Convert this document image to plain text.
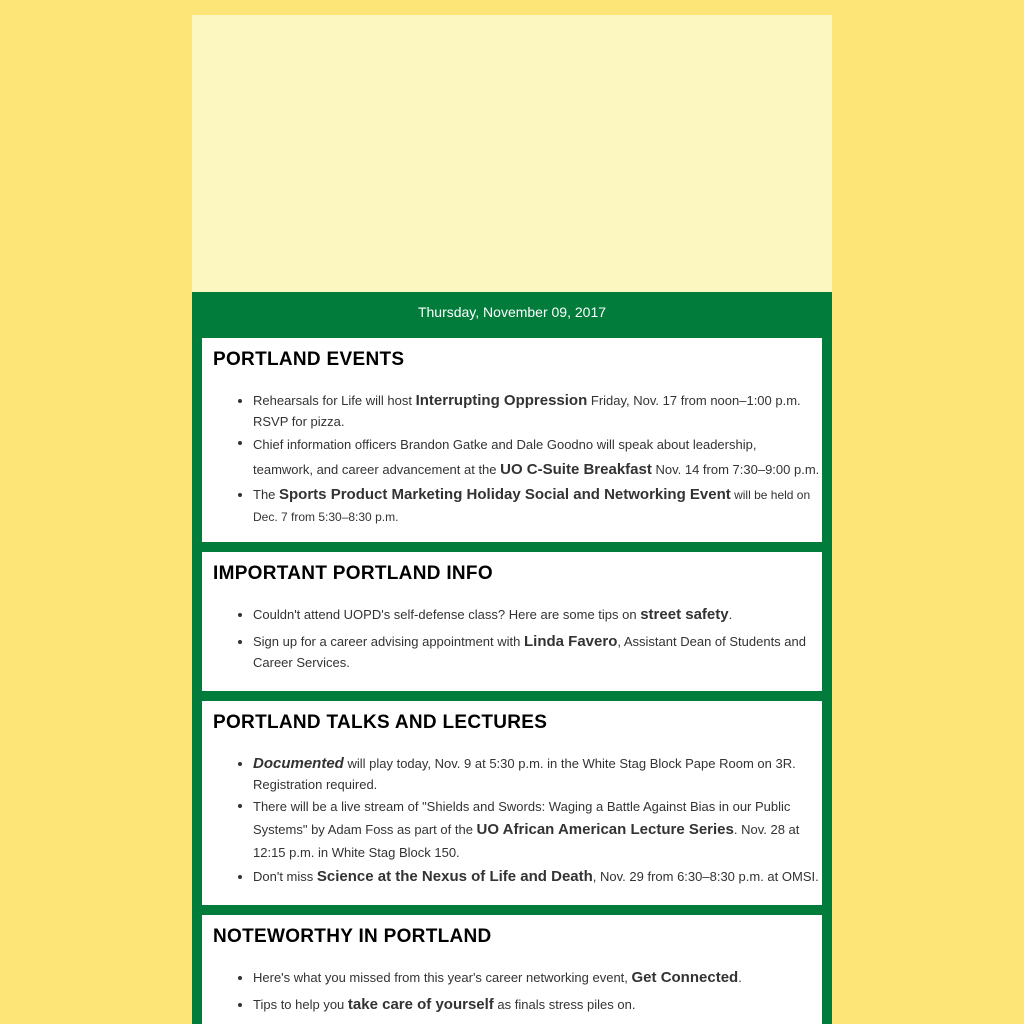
Thursday, November 09, 2017
PORTLAND EVENTS
Rehearsals for Life will host Interrupting Oppression Friday, Nov. 17 from noon–1:00 p.m. RSVP for pizza.
Chief information officers Brandon Gatke and Dale Goodno will speak about leadership, teamwork, and career advancement at the UO C-Suite Breakfast Nov. 14 from 7:30–9:00 p.m.
The Sports Product Marketing Holiday Social and Networking Event will be held on Dec. 7 from 5:30–8:30 p.m.
IMPORTANT PORTLAND INFO
Couldn't attend UOPD's self-defense class? Here are some tips on street safety.
Sign up for a career advising appointment with Linda Favero, Assistant Dean of Students and Career Services.
PORTLAND TALKS AND LECTURES
Documented will play today, Nov. 9 at 5:30 p.m. in the White Stag Block Pape Room on 3R. Registration required.
There will be a live stream of "Shields and Swords: Waging a Battle Against Bias in our Public Systems" by Adam Foss as part of the UO African American Lecture Series. Nov. 28 at 12:15 p.m. in White Stag Block 150.
Don't miss Science at the Nexus of Life and Death, Nov. 29 from 6:30–8:30 p.m. at OMSI.
NOTEWORTHY IN PORTLAND
Here's what you missed from this year's career networking event, Get Connected.
Tips to help you take care of yourself as finals stress piles on.
